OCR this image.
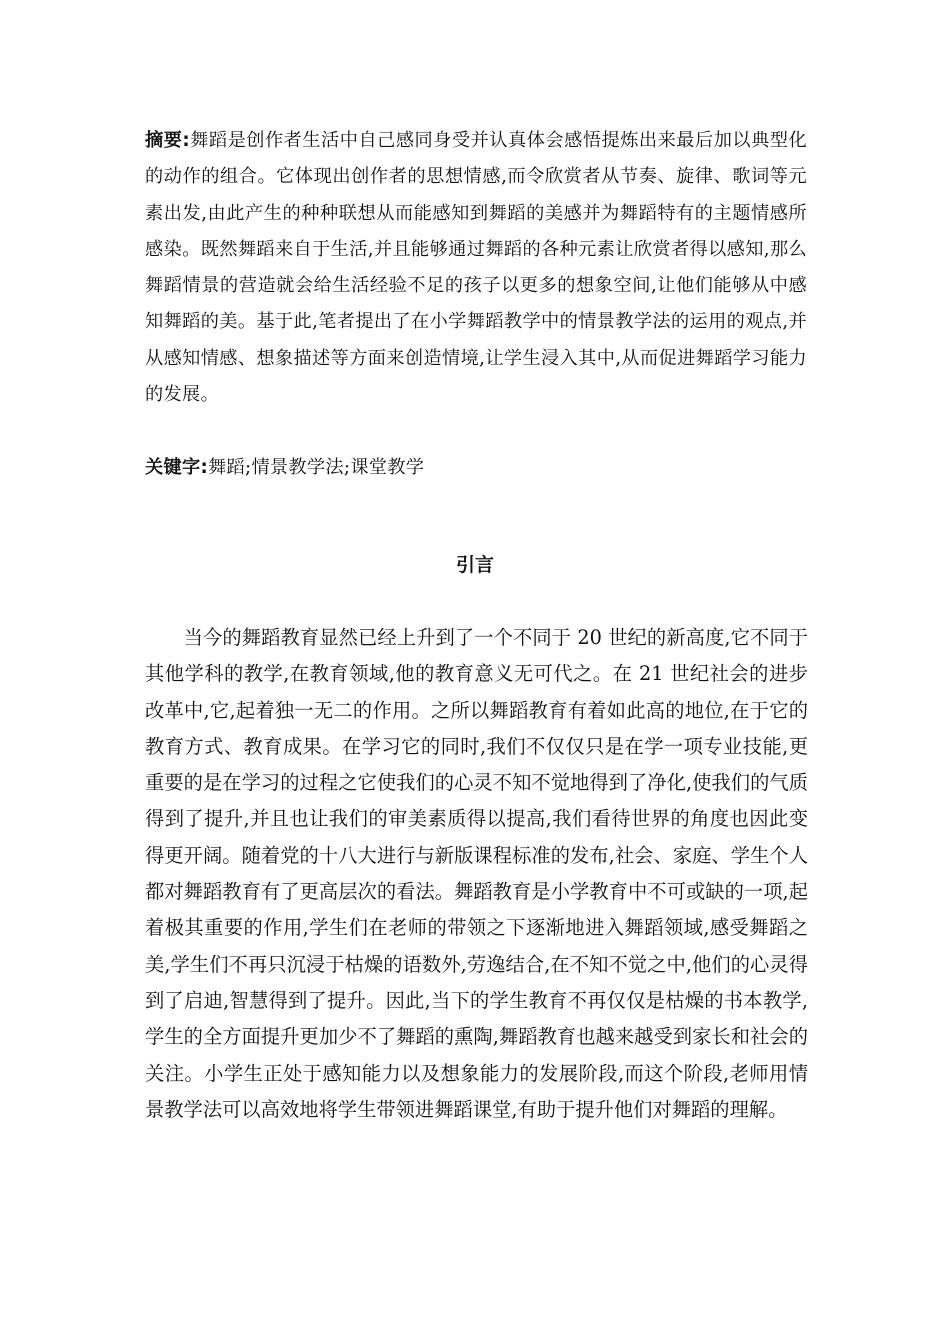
摘要:舞蹈是创作者生活中自己感同身受并认真体会感悟提炼出来最后加以典型化的动作的组合。它体现出创作者的思想情感,而令欣赏者从节奏、旋律、歌词等元素出发,由此产生的种种联想从而能感知到舞蹈的美感并为舞蹈特有的主题情感所感染。既然舞蹈来自于生活,并且能够通过舞蹈的各种元素让欣赏者得以感知,那么舞蹈情景的营造就会给生活经验不足的孩子以更多的想象空间,让他们能够从中感知舞蹈的美。基于此,笔者提出了在小学舞蹈教学中的情景教学法的运用的观点,并从感知情感、想象描述等方面来创造情境,让学生浸入其中,从而促进舞蹈学习能力的发展。
关键字:舞蹈;情景教学法;课堂教学
引言

当今的舞蹈教育显然已经上升到了一个不同于 20 世纪的新高度,它不同于其他学科的教学,在教育领域,他的教育意义无可代之。在 21 世纪社会的进步改革中,它,起着独一无二的作用。之所以舞蹈教育有着如此高的地位,在于它的教育方式、教育成果。在学习它的同时,我们不仅仅只是在学一项专业技能,更重要的是在学习的过程之它使我们的心灵不知不觉地得到了净化,使我们的气质得到了提升,并且也让我们的审美素质得以提高,我们看待世界的角度也因此变得更开阔。随着党的十八大进行与新版课程标准的发布,社会、家庭、学生个人都对舞蹈教育有了更高层次的看法。舞蹈教育是小学教育中不可或缺的一项,起着极其重要的作用,学生们在老师的带领之下逐渐地进入舞蹈领域,感受舞蹈之美,学生们不再只沉浸于枯燥的语数外,劳逸结合,在不知不觉之中,他们的心灵得到了启迪,智慧得到了提升。因此,当下的学生教育不再仅仅是枯燥的书本教学,学生的全方面提升更加少不了舞蹈的熏陶,舞蹈教育也越来越受到家长和社会的关注。小学生正处于感知能力以及想象能力的发展阶段,而这个阶段,老师用情景教学法可以高效地将学生带领进舞蹈课堂,有助于提升他们对舞蹈的理解。
